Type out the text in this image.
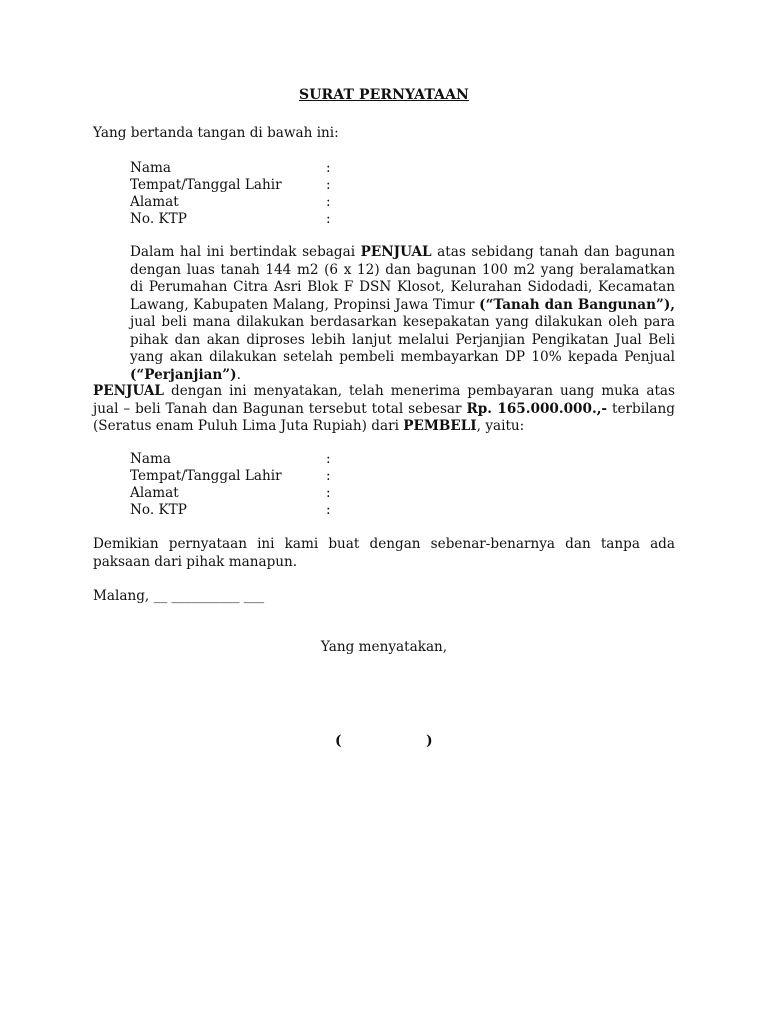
SURAT PERNYATAAN
Yang bertanda tangan di bawah ini:
Nama	:
Tempat/Tanggal Lahir	:
Alamat	:
No. KTP	:
Dalam hal ini bertindak sebagai PENJUAL atas sebidang tanah dan bagunan dengan luas tanah 144 m2 (6 x 12) dan bagunan 100 m2 yang beralamatkan di Perumahan Citra Asri Blok F DSN Klosot, Kelurahan Sidodadi, Kecamatan Lawang, Kabupaten Malang, Propinsi Jawa Timur (“Tanah dan Bangunan”), jual beli mana dilakukan berdasarkan kesepakatan yang dilakukan oleh para pihak dan akan diproses lebih lanjut melalui Perjanjian Pengikatan Jual Beli yang akan dilakukan setelah pembeli membayarkan DP 10% kepada Penjual (“Perjanjian”).
PENJUAL dengan ini menyatakan, telah menerima pembayaran uang muka atas jual – beli Tanah dan Bagunan tersebut total sebesar Rp. 165.000.000.,- terbilang (Seratus enam Puluh Lima Juta Rupiah) dari PEMBELI, yaitu:
Nama	:
Tempat/Tanggal Lahir	:
Alamat	:
No. KTP	:
Demikian pernyataan ini kami buat dengan sebenar-benarnya dan tanpa ada paksaan dari pihak manapun.
Malang, __ __________ ___
Yang menyatakan,
(	)
